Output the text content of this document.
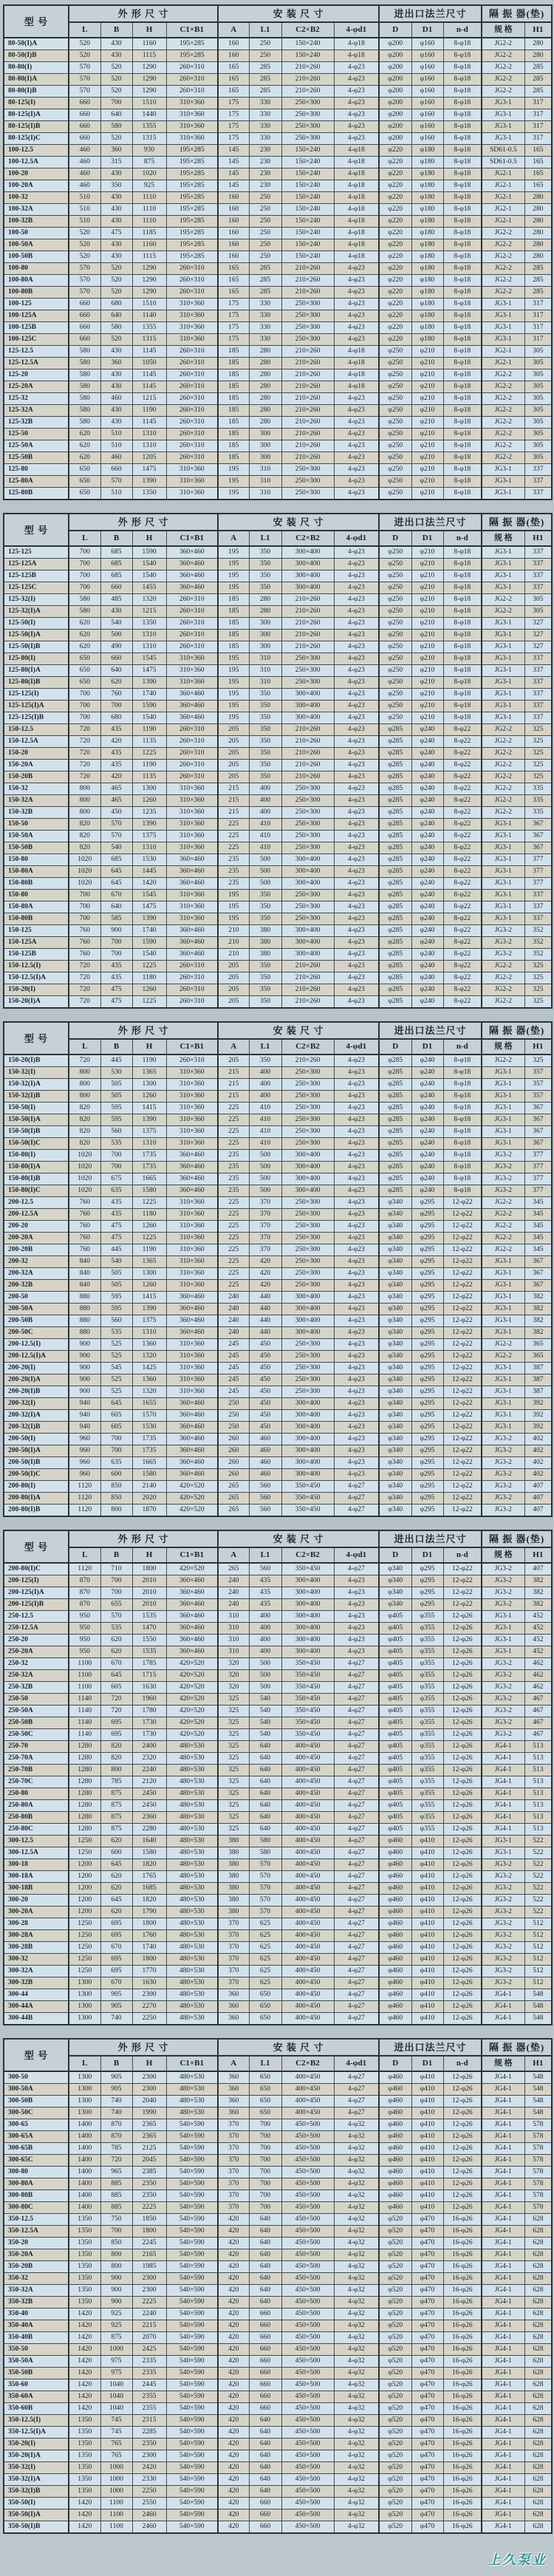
型 号	外 形 尺 寸				安 装 尺 寸				进出口法兰尺寸			隔 振 器(垫)	
	L	B	H	C1×B1	A	L1	C2×B2	4-φd1	D	D1	n-d	规 格	H1
80-50(I)A	520	430	1160	195×285	160	250	150×240	4-φ18	φ200	φ160	8-φ18	JG2-2	280
80-50(I)B	520	430	1115	195×285	160	250	150×240	4-φ18	φ200	φ160	8-φ18	JG2-2	280
80-80(I)	570	520	1290	260×310	165	285	210×260	4-φ23	φ200	φ160	8-φ18	JG2-2	285
80-80(I)A	570	520	1290	260×310	165	285	210×260	4-φ23	φ200	φ160	8-φ18	JG2-2	285
80-80(I)B	570	520	1290	260×310	165	285	210×260	4-φ23	φ200	φ160	8-φ18	JG2-2	285
80-125(I)	660	700	1510	310×360	175	330	250×300	4-φ23	φ200	φ160	8-φ18	JG3-1	317
80-125(I)A	660	640	1440	310×360	175	330	250×300	4-φ23	φ200	φ160	8-φ18	JG3-1	317
80-125(I)B	660	580	1355	310×360	175	330	250×300	4-φ23	φ200	φ160	8-φ18	JG3-1	317
80-125(I)C	660	520	1315	310×360	175	330	250×300	4-φ23	φ200	φ160	8-φ18	JG3-1	317
100-12.5	460	360	930	195×285	145	230	150×240	4-φ18	φ220	φ180	8-φ18	SD61-0.5	165
100-12.5A	460	315	875	195×285	145	230	150×240	4-φ18	φ220	φ180	8-φ18	SD61-0.5	165
100-20	460	430	1020	195×285	145	230	150×240	4-φ18	φ220	φ180	8-φ18	JG2-1	165
100-20A	460	350	925	195×285	145	230	150×240	4-φ18	φ220	φ180	8-φ18	JG2-1	165
100-32	510	430	1110	195×285	160	250	150×240	4-φ18	φ220	φ180	8-φ18	JG2-1	280
100-32A	510	430	1110	195×285	160	250	150×240	4-φ18	φ220	φ180	8-φ18	JG2-1	280
100-32B	510	430	1110	195×285	160	250	150×240	4-φ18	φ220	φ180	8-φ18	JG2-1	280
100-50	520	475	1185	195×285	160	250	150×240	4-φ18	φ220	φ180	8-φ18	JG2-2	280
100-50A	520	430	1160	195×285	160	250	150×240	4-φ18	φ220	φ180	8-φ18	JG2-2	280
100-50B	520	430	1115	195×285	160	250	150×240	4-φ18	φ220	φ180	8-φ18	JG2-2	280
100-80	570	520	1290	260×310	165	285	210×260	4-φ23	φ220	φ180	8-φ18	JG2-2	285
100-80A	570	520	1290	260×310	165	285	210×260	4-φ23	φ220	φ180	8-φ18	JG2-2	285
100-80B	570	520	1290	260×310	165	285	210×260	4-φ23	φ220	φ180	8-φ18	JG2-2	285
100-125	660	680	1510	310×360	175	330	250×300	4-φ23	φ220	φ180	8-φ18	JG3-1	317
100-125A	660	640	1140	310×360	175	330	250×300	4-φ23	φ220	φ180	8-φ18	JG3-1	317
100-125B	660	580	1355	310×360	175	330	250×300	4-φ23	φ220	φ180	8-φ18	JG3-1	317
100-125C	660	520	1315	310×360	175	330	250×300	4-φ23	φ220	φ180	8-φ18	JG3-1	317
125-12.5	580	430	1145	260×310	185	280	210×260	4-φ18	φ250	φ210	8-φ18	JG2-1	305
125-12.5A	580	360	1050	260×310	185	280	210×260	4-φ18	φ250	φ210	8-φ18	JG2-1	305
125-20	580	430	1145	260×310	185	280	210×260	4-φ18	φ250	φ210	8-φ18	JG2-2	305
125-20A	580	430	1145	260×310	185	280	210×260	4-φ18	φ250	φ210	8-φ18	JG2-2	305
125-32	580	460	1215	260×310	185	280	210×260	4-φ23	φ250	φ210	8-φ18	JG2-2	305
125-32A	580	430	1190	260×310	185	280	210×260	4-φ23	φ250	φ210	8-φ18	JG2-2	305
125-32B	580	430	1145	260×310	185	280	210×260	4-φ23	φ250	φ210	8-φ18	JG2-2	305
125-50	620	510	1310	260×310	185	300	210×260	4-φ23	φ250	φ210	8-φ18	JG2-2	305
125-50A	620	510	1310	260×310	185	300	210×260	4-φ23	φ250	φ210	8-φ18	JG2-2	305
125-50B	620	460	1205	260×310	185	300	210×260	4-φ23	φ250	φ210	8-φ18	JG2-2	305
125-80	650	660	1475	310×360	195	310	250×300	4-φ23	φ250	φ210	8-φ18	JG3-1	337
125-80A	650	570	1390	310×360	195	310	250×300	4-φ23	φ250	φ210	8-φ18	JG3-1	337
125-80B	650	510	1350	310×360	195	310	250×300	4-φ23	φ250	φ210	8-φ18	JG3-1	337
型 号	外 形 尺 寸				安 装 尺 寸				进出口法兰尺寸			隔 振 器(垫)	
	L	B	H	C1×B1	A	L1	C2×B2	4-φd1	D	D1	n-d	规 格	H1
125-125	700	685	1590	360×460	195	350	300×400	4-φ23	φ250	φ210	8-φ18	JG3-1	337
125-125A	700	685	1540	360×460	195	350	300×400	4-φ23	φ250	φ210	8-φ18	JG3-1	337
125-125B	700	685	1540	360×460	195	350	300×400	4-φ23	φ250	φ210	8-φ18	JG3-1	337
125-125C	700	660	1455	360×460	195	350	300×400	4-φ23	φ250	φ210	8-φ18	JG3-1	337
125-32(I)	580	485	1320	260×310	185	280	210×260	4-φ23	φ250	φ210	8-φ18	JG2-2	305
125-32(I)A	580	430	1215	260×310	185	280	210×260	4-φ23	φ250	φ210	8-φ18	JG2-2	305
125-50(I)	620	540	1350	260×310	185	300	210×260	4-φ23	φ250	φ210	8-φ18	JG3-1	327
125-50(I)A	620	500	1310	260×310	185	300	210×260	4-φ23	φ250	φ210	8-φ18	JG3-1	327
125-50(I)B	620	490	1310	260×310	185	300	210×260	4-φ23	φ250	φ210	8-φ18	JG3-1	327
125-80(I)	650	660	1545	310×360	195	310	250×300	4-φ23	φ250	φ210	8-φ18	JG3-1	337
125-80(I)A	650	640	1475	310×360	195	310	250×300	4-φ23	φ250	φ210	8-φ18	JG3-1	337
125-80(I)B	650	620	1390	310×360	195	310	250×300	4-φ23	φ250	φ210	8-φ18	JG3-1	337
125-125(I)	700	760	1740	360×460	195	350	300×400	4-φ23	φ250	φ210	8-φ18	JG3-1	337
125-125(I)A	700	700	1590	360×460	195	350	300×400	4-φ23	φ250	φ210	8-φ18	JG3-1	337
125-125(I)B	700	680	1540	360×460	195	350	300×400	4-φ23	φ250	φ210	8-φ18	JG3-1	337
150-12.5	720	435	1190	260×310	205	350	210×260	4-φ23	φ285	φ240	8-φ22	JG2-2	325
150-12.5A	720	420	1135	260×310	205	350	210×260	4-φ23	φ285	φ240	8-φ22	JG2-2	325
150-20	720	435	1225	260×310	205	350	210×260	4-φ23	φ285	φ240	8-φ22	JG2-2	325
150-20A	720	435	1190	260×310	205	350	210×260	4-φ23	φ285	φ240	8-φ22	JG2-2	325
150-20B	720	420	1135	260×310	205	350	210×260	4-φ23	φ285	φ240	8-φ22	JG2-2	325
150-32	800	465	1300	310×360	215	400	250×300	4-φ23	φ285	φ240	8-φ22	JG2-2	335
150-32A	800	465	1260	310×360	215	400	250×300	4-φ23	φ285	φ240	8-φ22	JG2-2	335
150-32B	800	450	1235	310×360	215	400	250×300	4-φ23	φ285	φ240	8-φ22	JG2-2	335
150-50	820	570	1390	310×360	225	410	250×300	4-φ23	φ285	φ240	8-φ22	JG3-1	367
150-50A	820	570	1375	310×360	225	410	250×300	4-φ23	φ285	φ240	8-φ22	JG3-1	367
150-50B	820	540	1310	310×360	225	410	250×300	4-φ23	φ285	φ240	8-φ22	JG3-1	367
150-80	1020	685	1530	360×460	235	500	300×400	4-φ23	φ285	φ240	8-φ22	JG3-1	377
150-80A	1020	645	1445	360×460	235	500	300×400	4-φ23	φ285	φ240	8-φ22	JG3-1	377
150-80B	1020	645	1420	360×460	235	500	300×400	4-φ23	φ285	φ240	8-φ22	JG3-1	377
150-80	700	670	1545	310×360	195	350	250×300	4-φ23	φ285	φ240	8-φ22	JG3-1	337
150-80A	700	640	1475	310×360	195	350	250×300	4-φ23	φ285	φ240	8-φ22	JG3-1	337
150-80B	700	585	1390	310×360	195	350	250×300	4-φ23	φ285	φ240	8-φ22	JG3-1	337
150-125	760	900	1740	360×460	210	380	300×400	4-φ23	φ285	φ240	8-φ22	JG3-2	352
150-125A	760	700	1590	360×460	210	380	300×400	4-φ23	φ285	φ240	8-φ22	JG3-2	352
150-125B	760	700	1540	360×460	210	380	300×400	4-φ23	φ285	φ240	8-φ22	JG3-2	352
150-12.5(I)	720	435	1225	260×310	205	350	210×260	4-φ23	φ285	φ240	8-φ22	JG2-2	325
150-12.5(I)A	720	435	1180	260×310	205	350	210×260	4-φ23	φ285	φ240	8-φ22	JG2-2	325
150-20(I)	720	475	1260	260×310	205	350	210×260	4-φ23	φ285	φ240	8-φ22	JG2-2	325
150-20(I)A	720	475	1225	260×310	205	350	210×260	4-φ23	φ285	φ240	8-φ22	JG2-2	325
型 号	外 形 尺 寸				安 装 尺 寸				进出口法兰尺寸			隔 振 器(垫)	
	L	B	H	C1×B1	A	L1	C2×B2	4-φd1	D	D1	n-d	规 格	H1
150-20(I)B	720	445	1190	260×310	205	350	210×260	4-φ23	φ285	φ240	8-φ18	JG2-2	325
150-32(I)	800	530	1365	310×360	215	400	250×300	4-φ23	φ285	φ240	8-φ18	JG3-1	357
150-32(I)A	800	505	1300	310×360	215	400	250×300	4-φ23	φ285	φ240	8-φ18	JG3-1	357
150-32(I)B	800	505	1260	310×360	215	400	250×300	4-φ23	φ285	φ240	8-φ18	JG3-1	357
150-50(I)	820	595	1415	310×360	225	410	250×300	4-φ23	φ285	φ240	8-φ18	JG3-1	367
150-50(I)A	820	595	1390	310×360	225	410	250×300	4-φ23	φ285	φ240	8-φ18	JG3-1	367
150-50(I)B	820	560	1375	310×360	225	410	250×300	4-φ23	φ285	φ240	8-φ18	JG3-1	367
150-50(I)C	820	535	1310	310×360	225	410	250×300	4-φ23	φ285	φ240	8-φ18	JG3-1	367
150-80(I)	1020	700	1735	360×460	235	500	300×400	4-φ23	φ285	φ240	8-φ18	JG3-2	377
150-80(I)A	1020	700	1735	360×460	235	500	300×400	4-φ23	φ285	φ240	8-φ18	JG3-2	377
150-80(I)B	1020	675	1665	360×460	235	500	300×400	4-φ23	φ285	φ240	8-φ18	JG3-2	377
150-80(I)C	1020	635	1580	360×460	235	500	300×400	4-φ23	φ285	φ240	8-φ18	JG3-2	377
200-12.5	760	435	1225	310×360	225	370	250×300	4-φ23	φ340	φ295	12-φ22	JG2-2	345
200-12.5A	760	435	1180	310×360	225	370	250×300	4-φ23	φ340	φ295	12-φ22	JG2-2	345
200-20	760	475	1260	310×360	225	370	250×300	4-φ23	φ340	φ295	12-φ22	JG2-2	345
200-20A	760	475	1225	310×360	225	370	250×300	4-φ23	φ340	φ295	12-φ22	JG2-2	345
200-20B	760	445	1190	310×360	225	370	250×300	4-φ23	φ340	φ295	12-φ22	JG2-2	345
200-32	840	540	1365	310×360	225	420	250×300	4-φ23	φ340	φ295	12-φ22	JG3-1	367
200-32A	840	505	1300	310×360	225	420	250×300	4-φ23	φ340	φ295	12-φ22	JG3-1	367
200-32B	840	505	1260	310×360	225	420	250×300	4-φ23	φ340	φ295	12-φ22	JG3-1	367
200-50	880	595	1415	360×460	240	440	300×400	4-φ23	φ340	φ295	12-φ22	JG3-1	382
200-50A	880	595	1390	360×460	240	440	300×400	4-φ23	φ340	φ295	12-φ22	JG3-1	382
200-50B	880	560	1375	360×460	240	440	300×400	4-φ23	φ340	φ295	12-φ22	JG3-1	382
200-50C	880	535	1310	360×460	240	440	300×400	4-φ23	φ340	φ295	12-φ22	JG3-1	382
200-12.5(I)	900	525	1360	310×360	245	450	250×300	4-φ23	φ340	φ295	12-φ22	JG2-2	365
200-12.5(I)A	900	525	1320	310×360	245	450	250×300	4-φ23	φ340	φ295	12-φ22	JG2-2	365
200-20(I)	900	545	1425	310×360	245	450	250×300	4-φ23	φ340	φ295	12-φ22	JG3-1	387
200-20(I)A	900	525	1360	310×360	245	450	250×300	4-φ23	φ340	φ295	12-φ22	JG3-1	387
200-20(I)B	900	525	1320	310×360	245	450	250×300	4-φ23	φ340	φ295	12-φ22	JG3-1	387
200-32(I)	940	645	1655	360×460	250	450	300×400	4-φ23	φ340	φ295	12-φ22	JG3-1	392
200-32(I)A	940	605	1570	360×460	250	450	300×400	4-φ23	φ340	φ295	12-φ22	JG3-1	392
200-32(I)B	940	605	1530	360×460	250	450	300×400	4-φ23	φ340	φ295	12-φ22	JG3-1	392
200-50(I)	960	700	1735	360×460	260	460	300×400	4-φ23	φ340	φ295	12-φ22	JG3-2	402
200-50(I)A	960	700	1735	360×460	260	460	300×400	4-φ23	φ340	φ295	12-φ22	JG3-2	402
200-50(I)B	960	635	1665	360×460	260	460	300×400	4-φ23	φ340	φ295	12-φ22	JG3-2	402
200-50(I)C	960	600	1580	360×460	260	460	300×400	4-φ23	φ340	φ295	12-φ22	JG3-2	402
200-80(I)	1120	850	2140	420×520	265	560	350×450	4-φ27	φ340	φ295	12-φ22	JG3-2	407
200-80(I)A	1120	850	2020	420×520	265	560	350×450	4-φ27	φ340	φ295	12-φ22	JG3-2	407
200-80(I)B	1120	800	1870	420×520	265	560	350×450	4-φ27	φ340	φ295	12-φ22	JG3-2	407
型 号	外 形 尺 寸				安 装 尺 寸				进出口法兰尺寸			隔 振 器(垫)	
	L	B	H	C1×B1	A	L1	C2×B2	4-φd1	D	D1	n-d	规 格	H1
200-80(I)C	1120	710	1800	420×520	265	560	350×450	4-φ27	φ340	φ295	12-φ22	JG3-2	407
200-125(I)	870	700	2010	360×460	240	435	300×400	4-φ23	φ340	φ295	12-φ22	JG3-2	382
200-125(I)A	870	700	2010	360×460	240	435	300×400	4-φ23	φ340	φ295	12-φ22	JG3-2	382
200-125(I)B	870	655	2010	360×460	240	435	300×400	4-φ23	φ340	φ295	12-φ22	JG3-2	382
250-12.5	950	570	1535	360×460	310	400	300×400	4-φ23	φ405	φ355	12-φ26	JG3-1	452
250-12.5A	950	535	1470	360×460	310	400	300×400	4-φ23	φ405	φ355	12-φ26	JG3-1	452
250-20	950	620	1550	360×460	310	400	300×400	4-φ23	φ405	φ355	12-φ26	JG3-1	452
250-20A	950	620	1535	360×460	310	400	300×400	4-φ23	φ405	φ355	12-φ26	JG3-1	452
250-32	1100	670	1785	420×520	320	500	350×450	4-φ27	φ405	φ355	12-φ26	JG3-2	462
250-32A	1100	645	1715	420×520	320	500	350×450	4-φ27	φ405	φ355	12-φ26	JG3-2	462
250-32B	1100	605	1630	420×520	320	500	350×450	4-φ27	φ405	φ355	12-φ26	JG3-2	462
250-50	1140	720	1960	420×520	325	540	350×450	4-φ27	φ405	φ355	12-φ26	JG3-2	467
250-50A	1140	720	1780	420×520	325	540	350×450	4-φ27	φ405	φ355	12-φ26	JG3-2	467
250-50B	1140	695	1730	420×520	325	540	350×450	4-φ27	φ405	φ355	12-φ26	JG3-2	467
250-50C	1140	695	1730	420×520	325	540	350×450	4-φ27	φ405	φ355	12-φ26	JG3-2	467
250-70	1280	820	2400	480×530	325	640	400×450	4-φ27	φ405	φ355	12-φ26	JG4-1	513
250-70A	1280	820	2320	480×530	325	640	400×450	4-φ27	φ405	φ355	12-φ26	JG4-1	513
250-70B	1280	800	2240	480×530	325	640	400×450	4-φ27	φ405	φ355	12-φ26	JG4-1	513
250-70C	1280	785	2120	480×530	325	640	400×450	4-φ27	φ405	φ355	12-φ26	JG4-1	513
250-80	1280	875	2450	480×530	325	640	400×450	4-φ27	φ405	φ355	12-φ26	JG4-1	513
250-80A	1280	875	2450	480×530	325	640	400×450	4-φ27	φ405	φ355	12-φ26	JG4-1	513
250-80B	1280	875	2360	480×530	325	640	400×450	4-φ27	φ405	φ355	12-φ26	JG4-1	513
250-80C	1280	875	2280	480×530	325	640	400×450	4-φ27	φ405	φ355	12-φ26	JG4-1	513
300-12.5	1250	620	1640	480×530	380	580	400×450	4-φ27	φ460	φ410	12-φ26	JG3-1	522
300-12.5A	1250	600	1580	480×530	380	580	400×450	4-φ27	φ460	φ410	12-φ26	JG3-1	522
300-18	1200	645	1820	480×530	380	570	400×450	4-φ27	φ460	φ410	12-φ26	JG3-2	522
300-18A	1200	620	1765	480×530	380	570	400×450	4-φ27	φ460	φ410	12-φ26	JG3-2	522
300-18B	1200	620	1685	480×530	380	570	400×450	4-φ27	φ460	φ410	12-φ26	JG3-2	522
300-20	1200	645	1820	480×530	380	570	400×450	4-φ27	φ460	φ410	12-φ26	JG3-2	522
300-20A	1200	620	1790	480×530	380	570	400×450	4-φ27	φ460	φ410	12-φ26	JG3-2	522
300-28	1250	695	1800	480×530	370	625	400×450	4-φ27	φ460	φ410	12-φ26	JG3-2	512
300-28A	1250	695	1760	480×530	370	625	400×450	4-φ27	φ460	φ410	12-φ26	JG3-2	512
300-28B	1250	670	1740	480×530	370	625	400×450	4-φ27	φ460	φ410	12-φ26	JG3-2	512
300-32	1250	695	1800	480×530	370	625	400×450	4-φ27	φ460	φ410	12-φ26	JG3-2	512
300-32A	1250	695	1770	480×530	370	625	400×450	4-φ27	φ460	φ410	12-φ26	JG3-2	512
300-32B	1300	670	1630	480×530	370	625	400×450	4-φ27	φ460	φ410	12-φ26	JG3-2	512
300-44	1300	905	2300	480×530	360	650	400×450	4-φ27	φ460	φ410	12-φ26	JG4-1	548
300-44A	1300	905	2270	480×530	360	650	400×450	4-φ27	φ460	φ410	12-φ26	JG4-1	548
300-44B	1300	740	2250	480×530	360	650	400×450	4-φ27	φ460	φ410	12-φ26	JG4-1	548
型 号	外 形 尺 寸				安 装 尺 寸				进出口法兰尺寸			隔 振 器(垫)	
	L	B	H	C1×B1	A	L1	C2×B2	4-φd1	D	D1	n-d	规 格	H1
300-50	1300	905	2300	480×530	360	650	400×450	4-φ27	φ460	φ410	12-φ26	JG4-1	548
300-50A	1300	905	2300	480×530	360	650	400×450	4-φ27	φ460	φ410	12-φ26	JG4-1	548
300-50B	1300	740	2040	480×530	360	650	400×450	4-φ27	φ460	φ410	12-φ26	JG4-1	548
300-50C	1300	740	1990	480×530	360	650	400×450	4-φ27	φ460	φ410	12-φ26	JG4-1	548
300-65	1400	870	2365	540×590	370	700	450×500	4-φ32	φ460	φ410	12-φ26	JG4-1	578
300-65A	1400	870	2365	540×590	370	700	450×500	4-φ32	φ460	φ410	12-φ26	JG4-1	578
300-65B	1400	785	2125	540×590	370	700	450×500	4-φ32	φ460	φ410	12-φ26	JG4-1	578
300-65C	1400	720	2045	540×590	370	700	450×500	4-φ32	φ460	φ410	12-φ26	JG4-1	578
300-80	1400	965	2385	540×590	370	700	450×500	4-φ32	φ460	φ410	12-φ26	JG4-1	578
300-80A	1400	885	2350	540×590	370	700	450×500	4-φ32	φ460	φ410	12-φ26	JG4-1	578
300-80B	1400	885	2350	540×590	370	700	450×500	4-φ32	φ460	φ410	12-φ26	JG4-1	578
300-80C	1400	885	2225	540×590	370	700	450×500	4-φ32	φ460	φ410	12-φ26	JG4-1	578
350-12.5	1350	750	1850	540×590	420	640	450×500	4-φ32	φ520	φ470	16-φ26	JG4-1	628
350-12.5A	1350	700	1800	540×590	420	640	450×500	4-φ32	φ520	φ470	16-φ26	JG4-1	628
350-20	1350	850	2245	540×590	420	640	450×500	4-φ32	φ520	φ470	16-φ26	JG4-1	628
350-20A	1350	800	2165	540×590	420	640	450×500	4-φ32	φ520	φ470	16-φ26	JG4-1	628
350-20B	1350	800	1985	540×590	420	640	450×500	4-φ32	φ520	φ470	16-φ26	JG4-1	628
350-32	1350	900	2300	540×590	420	640	450×500	4-φ32	φ520	φ470	16-φ26	JG4-1	628
350-32A	1350	900	2300	540×590	420	640	450×500	4-φ32	φ520	φ470	16-φ26	JG4-1	628
350-32B	1350	900	2225	540×590	420	640	450×500	4-φ32	φ520	φ470	16-φ26	JG4-1	628
350-40	1420	925	2240	540×590	420	660	450×500	4-φ32	φ520	φ470	16-φ26	JG4-1	628
350-40A	1420	925	2215	540×590	420	660	450×500	4-φ32	φ520	φ470	16-φ26	JG4-1	628
350-40B	1420	875	2070	540×590	420	660	450×500	4-φ32	φ520	φ470	16-φ26	JG4-1	628
350-50	1420	1000	2425	540×590	420	660	450×500	4-φ32	φ520	φ470	16-φ26	JG4-1	628
350-50A	1420	975	2335	540×590	420	660	450×500	4-φ32	φ520	φ470	16-φ26	JG4-1	628
350-50B	1420	975	2335	540×590	420	660	450×500	4-φ32	φ520	φ470	16-φ26	JG4-1	628
350-60	1420	1040	2445	540×590	420	660	450×500	4-φ32	φ520	φ470	16-φ26	JG4-1	628
350-60A	1420	1040	2355	540×590	420	660	450×500	4-φ32	φ520	φ470	16-φ26	JG4-1	628
350-60B	1420	1040	2355	540×590	420	660	450×500	4-φ32	φ520	φ470	16-φ26	JG4-1	628
350-12.5(I)	1350	745	2315	540×590	420	640	450×500	4-φ32	φ520	φ470	16-φ26	JG4-1	628
350-12.5(I)A	1350	745	2285	540×590	420	640	450×500	4-φ32	φ520	φ470	16-φ26	JG4-1	628
350-20(I)	1350	765	2350	540×590	420	640	450×500	4-φ32	φ520	φ470	16-φ26	JG4-1	628
350-20(I)A	1350	765	2300	540×590	420	640	450×500	4-φ32	φ520	φ470	16-φ26	JG4-1	628
350-32(I)	1350	1000	2420	540×590	420	640	450×500	4-φ32	φ520	φ470	16-φ26	JG4-1	628
350-32(I)A	1350	1000	2330	540×590	420	640	450×500	4-φ32	φ520	φ470	16-φ26	JG4-1	628
350-32(I)B	1350	1000	2250	540×590	420	640	450×500	4-φ32	φ520	φ470	16-φ26	JG4-1	628
350-50(I)	1420	1100	2550	540×590	420	660	450×500	4-φ32	φ520	φ470	16-φ26	JG4-1	628
350-50(I)A	1420	1100	2460	540×590	420	660	450×500	4-φ32	φ520	φ470	16-φ26	JG4-1	628
350-50(I)B	1420	1100	2460	540×590	420	660	450×500	4-φ32	φ520	φ470	16-φ26	JG4-1	628
上久泵业
